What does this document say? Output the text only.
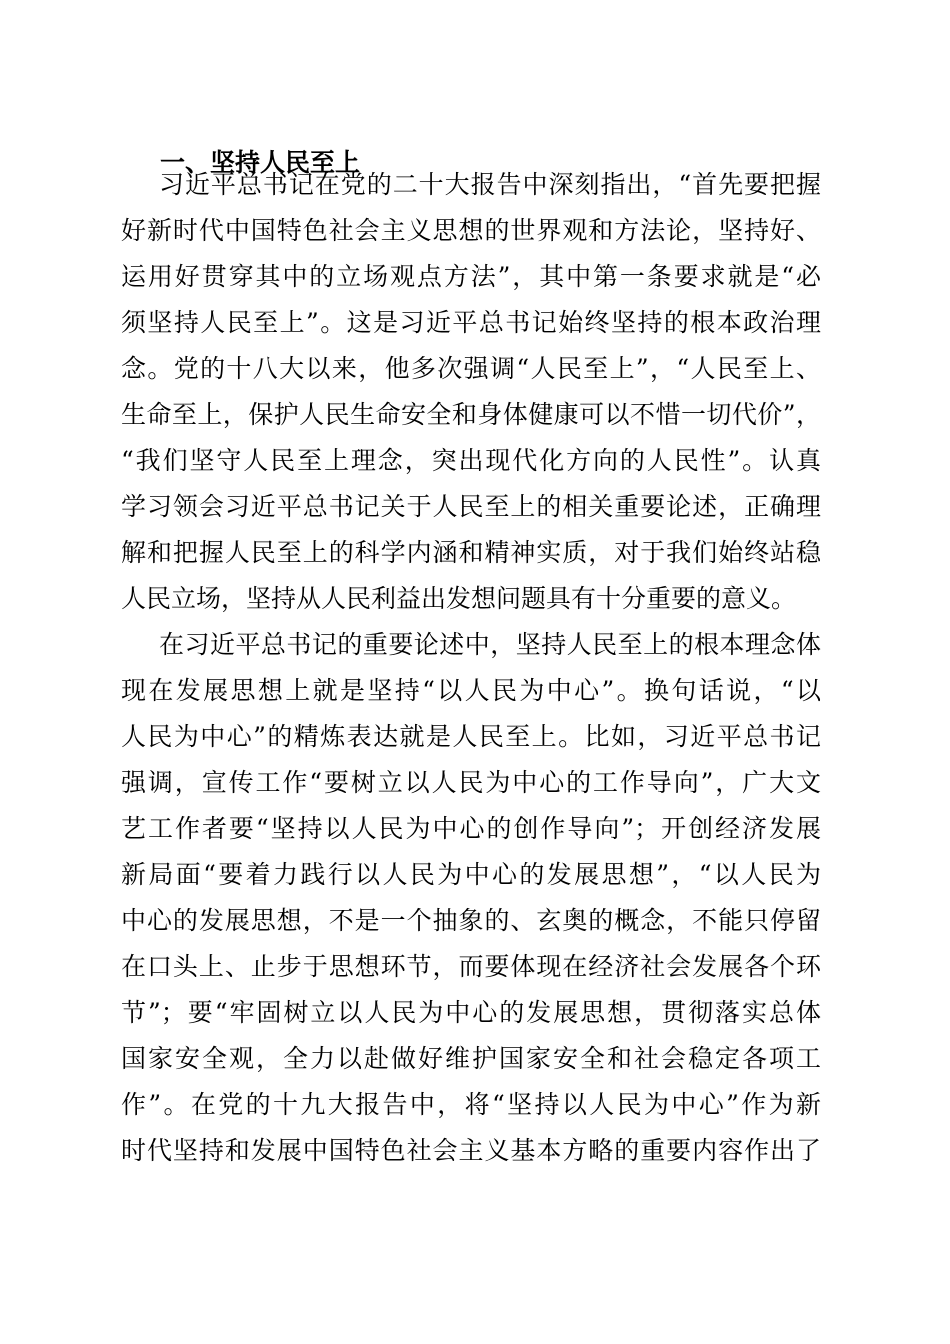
一、坚持人民至上
习近平总书记在党的二十大报告中深刻指出，“首先要把握
好新时代中国特色社会主义思想的世界观和方法论，坚持好、
运用好贯穿其中的立场观点方法”，其中第一条要求就是“必
须坚持人民至上”。这是习近平总书记始终坚持的根本政治理
念。党的十八大以来，他多次强调“人民至上”，“人民至上、
生命至上，保护人民生命安全和身体健康可以不惜一切代价”，
“我们坚守人民至上理念，突出现代化方向的人民性”。认真
学习领会习近平总书记关于人民至上的相关重要论述，正确理
解和把握人民至上的科学内涵和精神实质，对于我们始终站稳
人民立场，坚持从人民利益出发想问题具有十分重要的意义。
在习近平总书记的重要论述中，坚持人民至上的根本理念体
现在发展思想上就是坚持“以人民为中心”。换句话说，“以
人民为中心”的精炼表达就是人民至上。比如，习近平总书记
强调，宣传工作“要树立以人民为中心的工作导向”，广大文
艺工作者要“坚持以人民为中心的创作导向”；开创经济发展
新局面“要着力践行以人民为中心的发展思想”，“以人民为
中心的发展思想，不是一个抽象的、玄奥的概念，不能只停留
在口头上、止步于思想环节，而要体现在经济社会发展各个环
节”；要“牢固树立以人民为中心的发展思想，贯彻落实总体
国家安全观，全力以赴做好维护国家安全和社会稳定各项工
作”。在党的十九大报告中，将“坚持以人民为中心”作为新
时代坚持和发展中国特色社会主义基本方略的重要内容作出了
